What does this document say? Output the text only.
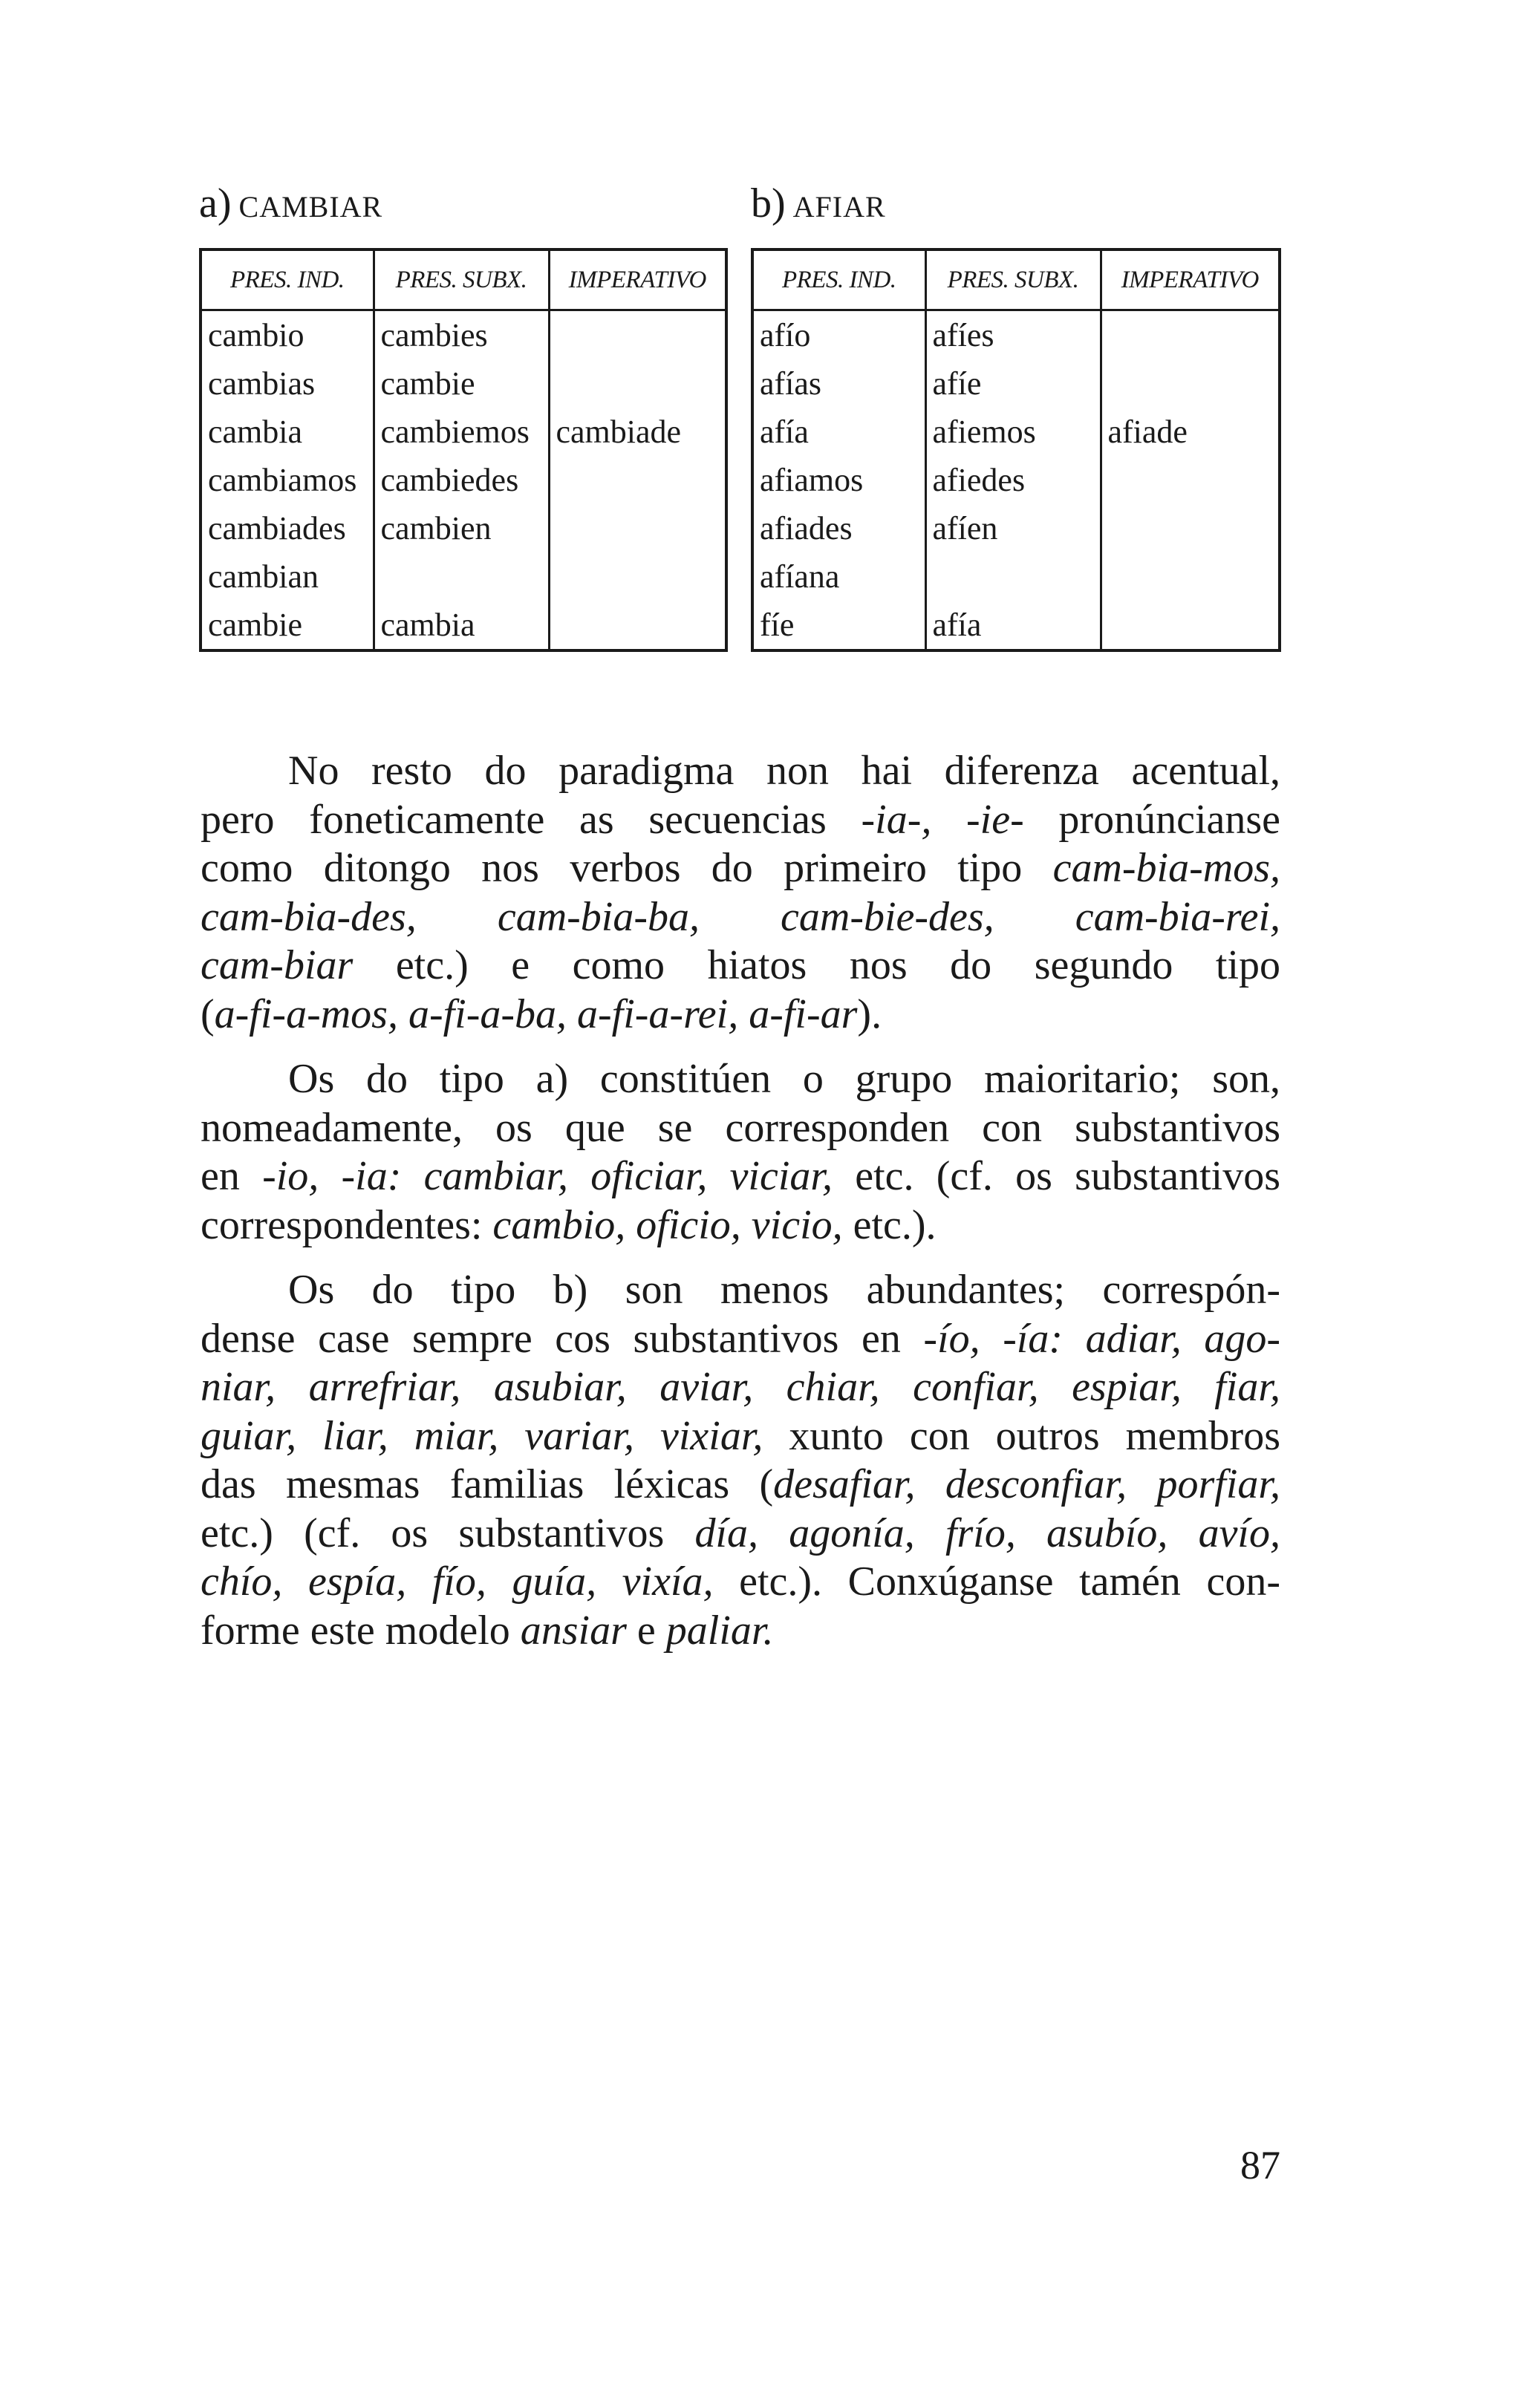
a) CAMBIAR
PRES. IND.	PRES. SUBX.	IMPERATIVO
cambio	cambies	
cambias	cambie	
cambia	cambiemos	cambiade
cambiamos	cambiedes	
cambiades	cambien	
cambian		
cambie	cambia	
b) AFIAR
PRES. IND.	PRES. SUBX.	IMPERATIVO
afío	afíes	
afías	afíe	
afía	afiemos	afiade
afiamos	afiedes	
afiades	afíen	
afíana		
fíe	afía	
No resto do paradigma non hai diferenza acentual,
pero foneticamente as secuencias -ia-, -ie- pronúncianse
como ditongo nos verbos do primeiro tipo cam-bia-mos,
cam-bia-des, cam-bia-ba, cam-bie-des, cam-bia-rei,
cam-biar etc.) e como hiatos nos do segundo tipo
(a-fi-a-mos, a-fi-a-ba, a-fi-a-rei, a-fi-ar).
Os do tipo a) constitúen o grupo maioritario; son,
nomeadamente, os que se corresponden con substantivos
en -io, -ia: cambiar, oficiar, viciar, etc. (cf. os substantivos
correspondentes: cambio, oficio, vicio, etc.).
Os do tipo b) son menos abundantes; correspón-
dense case sempre cos substantivos en -ío, -ía: adiar, ago-
niar, arrefriar, asubiar, aviar, chiar, confiar, espiar, fiar,
guiar, liar, miar, variar, vixiar, xunto con outros membros
das mesmas familias léxicas (desafiar, desconfiar, porfiar,
etc.) (cf. os substantivos día, agonía, frío, asubío, avío,
chío, espía, fío, guía, vixía, etc.). Conxúganse tamén con-
forme este modelo ansiar e paliar.
87
